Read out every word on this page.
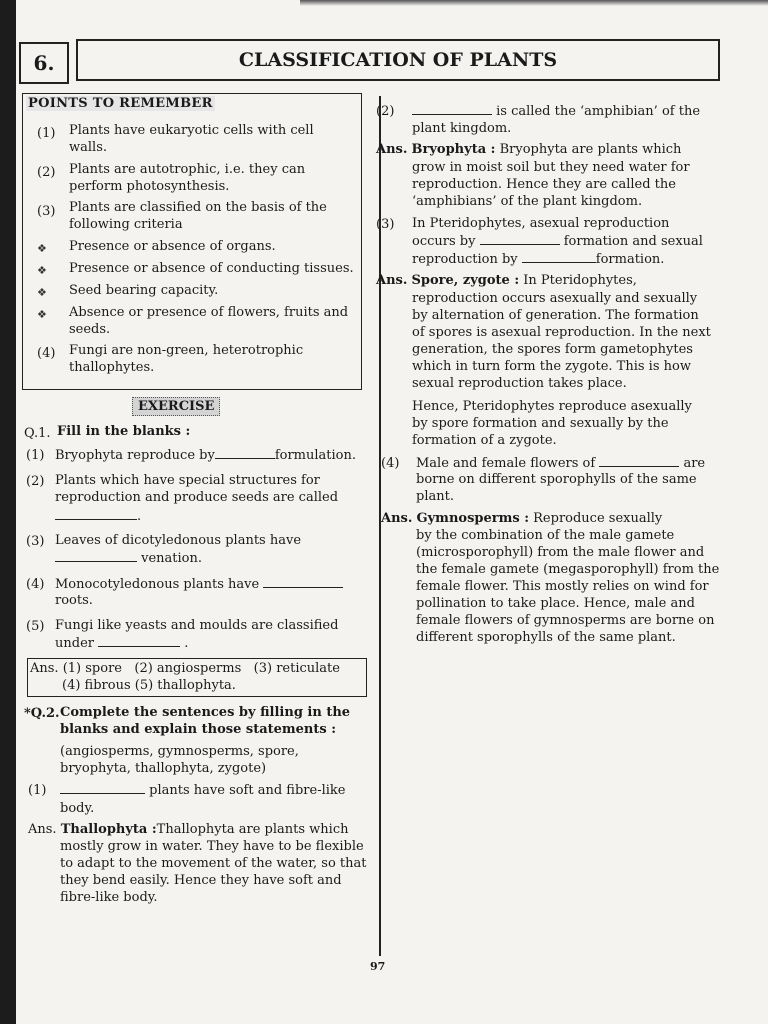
6.	CLASSIFICATION OF PLANTS
POINTS TO REMEMBER
(1) Plants have eukaryotic cells with cell
walls.
(2) Plants are autotrophic, i.e. they can
perform photosynthesis.
(3) Plants are classified on the basis of the
following criteria
❖ Presence or absence of organs.
❖ Presence or absence of conducting tissues.
❖ Seed bearing capacity.
❖ Absence or presence of flowers, fruits and
seeds.
(4) Fungi are non-green, heterotrophic
thallophytes.
EXERCISE
Q.1. Fill in the blanks :
(1) Bryophyta reproduce by	formulation.
(2) Plants which have special structures for
reproduction and produce seeds are called
.
(3) Leaves of dicotyledonous plants have
venation.
(4) Monocotyledonous plants have
roots.
(5) Fungi like yeasts and moulds are classified
under	.
Ans. (1) spore   (2) angiosperms   (3) reticulate
(4) fibrous (5) thallophyta.
*Q.2. Complete the sentences by filling in the
blanks and explain those statements :
(angiosperms, gymnosperms, spore,
bryophyta, thallophyta, zygote)
(1)	plants have soft and fibre-like
body.
Ans. Thallophyta :Thallophyta are plants which
mostly grow in water. They have to be flexible
to adapt to the movement of the water, so that
they bend easily. Hence they have soft and
fibre-like body.
(2)	is called the ‘amphibian’ of the
plant kingdom.
Ans. Bryophyta : Bryophyta are plants which
grow in moist soil but they need water for
reproduction. Hence they are called the
‘amphibians’ of the plant kingdom.
(3) In Pteridophytes, asexual reproduction
occurs by	formation and sexual
reproduction by	formation.
Ans. Spore, zygote : In Pteridophytes,
reproduction occurs asexually and sexually
by alternation of generation. The formation
of spores is asexual reproduction. In the next
generation, the spores form gametophytes
which in turn form the zygote. This is how
sexual reproduction takes place.
Hence, Pteridophytes reproduce asexually
by spore formation and sexually by the
formation of a zygote.
(4) Male and female flowers of	are
borne on different sporophylls of the same
plant.
Ans. Gymnosperms : Reproduce sexually
by the combination of the male gamete
(microsporophyll) from the male flower and
the female gamete (megasporophyll) from the
female flower. This mostly relies on wind for
pollination to take place. Hence, male and
female flowers of gymnosperms are borne on
different sporophylls of the same plant.
97
